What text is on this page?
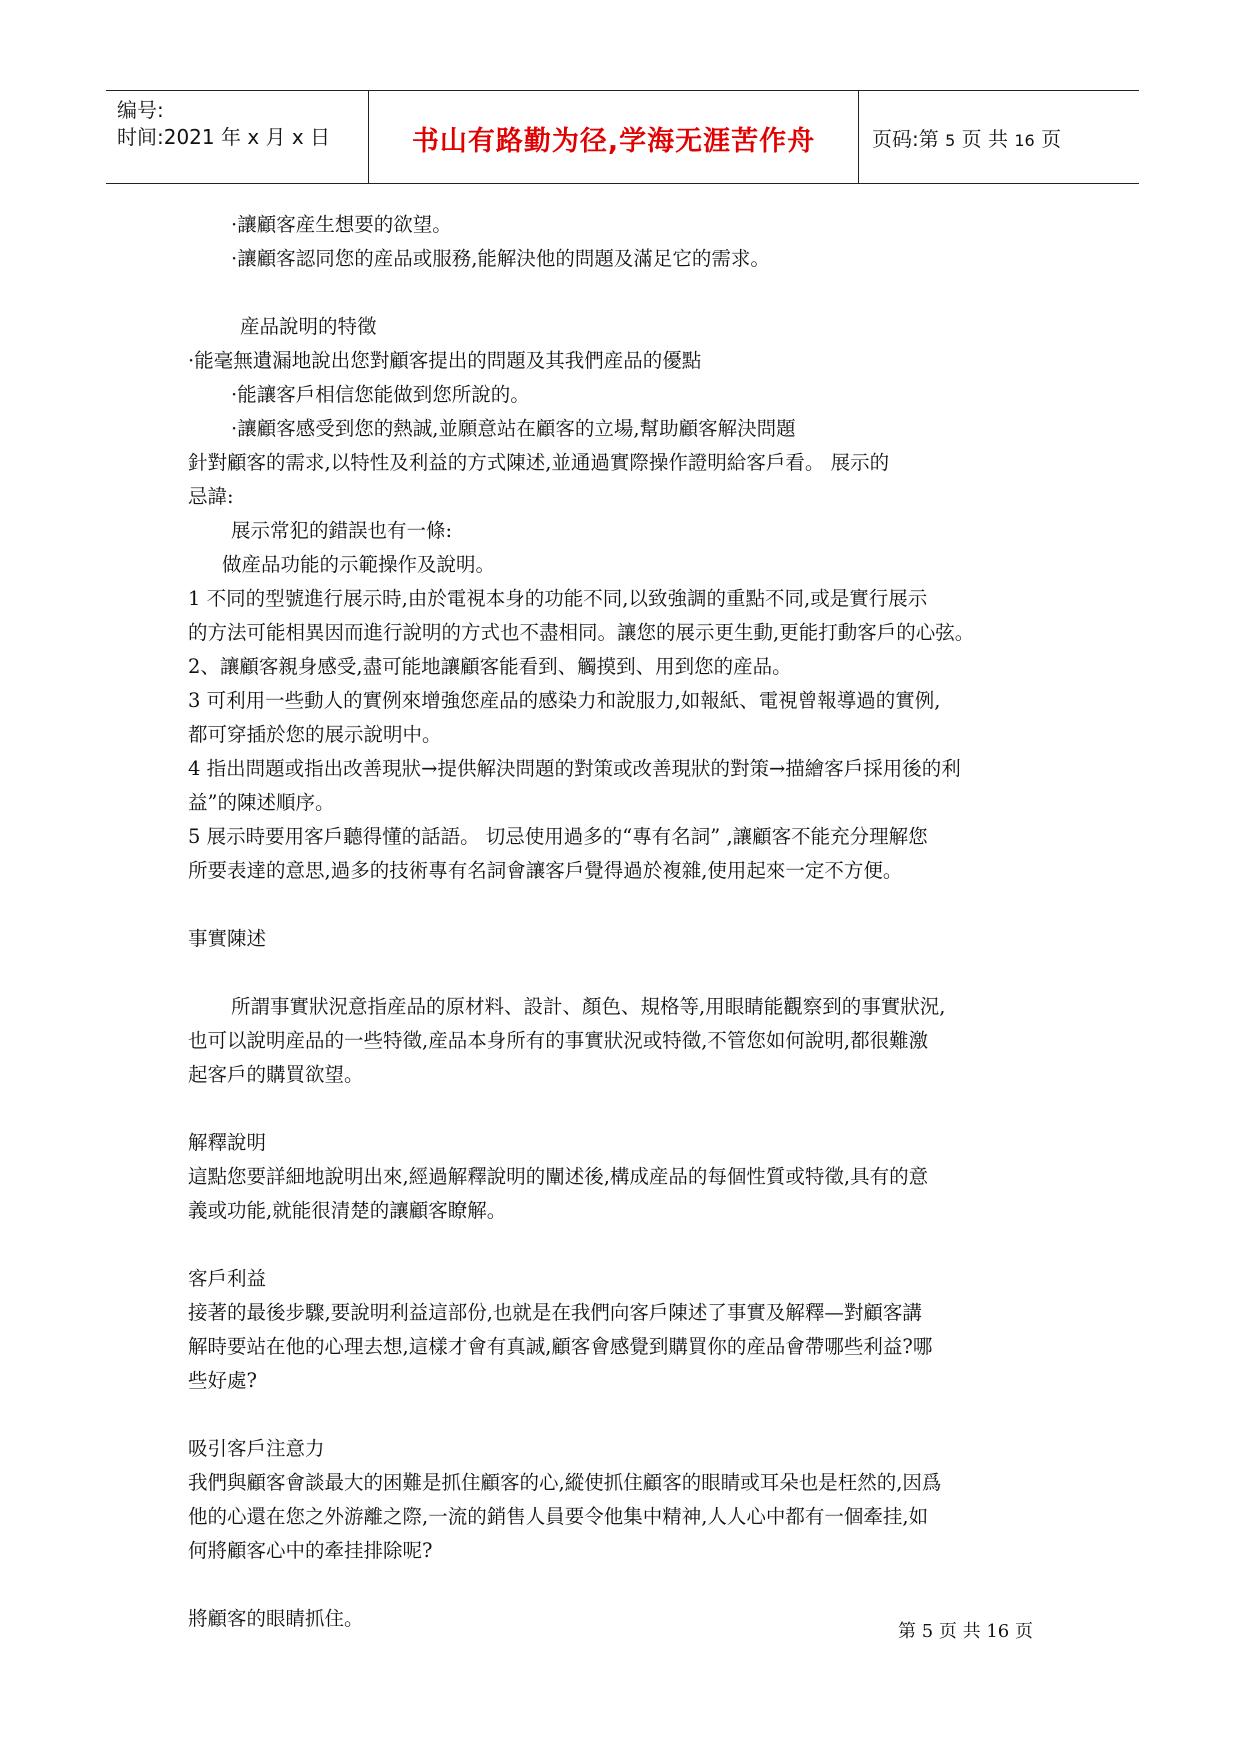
编号:
时间:2021 年 x 月 x 日	书山有路勤为径,学海无涯苦作舟	页码:第 5 页 共 16 页

·讓顧客産生想要的欲望。

·讓顧客認同您的産品或服務,能解決他的問題及滿足它的需求。

産品說明的特徵

·能毫無遺漏地說出您對顧客提出的問題及其我們産品的優點

·能讓客戶相信您能做到您所說的。

·讓顧客感受到您的熱誠,並願意站在顧客的立場,幫助顧客解決問題

針對顧客的需求,以特性及利益的方式陳述,並通過實際操作證明給客戶看。 展示的

忌諱:

展示常犯的錯誤也有一條:

做産品功能的示範操作及說明。

1 不同的型號進行展示時,由於電視本身的功能不同,以致強調的重點不同,或是實行展示

的方法可能相異因而進行說明的方式也不盡相同。讓您的展示更生動,更能打動客戶的心弦。

2、讓顧客親身感受,盡可能地讓顧客能看到、觸摸到、用到您的産品。

3 可利用一些動人的實例來增強您産品的感染力和說服力,如報紙、電視曾報導過的實例,

都可穿插於您的展示說明中。

4 指出問題或指出改善現狀→提供解決問題的對策或改善現狀的對策→描繪客戶採用後的利

益”的陳述順序。

5 展示時要用客戶聽得懂的話語。 切忌使用過多的“專有名詞” ,讓顧客不能充分理解您

所要表達的意思,過多的技術專有名詞會讓客戶覺得過於複雜,使用起來一定不方便。

事實陳述

所謂事實狀況意指産品的原材料、設計、顏色、規格等,用眼睛能觀察到的事實狀況,

也可以說明産品的一些特徵,産品本身所有的事實狀況或特徵,不管您如何說明,都很難激

起客戶的購買欲望。

解釋說明

這點您要詳細地說明出來,經過解釋說明的闡述後,構成産品的每個性質或特徵,具有的意

義或功能,就能很清楚的讓顧客瞭解。

客戶利益

接著的最後步驟,要說明利益這部份,也就是在我們向客戶陳述了事實及解釋—對顧客講

解時要站在他的心理去想,這樣才會有真誠,顧客會感覺到購買你的産品會帶哪些利益?哪

些好處?

吸引客戶注意力

我們與顧客會談最大的困難是抓住顧客的心,縱使抓住顧客的眼睛或耳朵也是枉然的,因爲

他的心還在您之外游離之際,一流的銷售人員要令他集中精神,人人心中都有一個牽挂,如

何將顧客心中的牽挂排除呢?

將顧客的眼睛抓住。

第 5 页 共 16 页
